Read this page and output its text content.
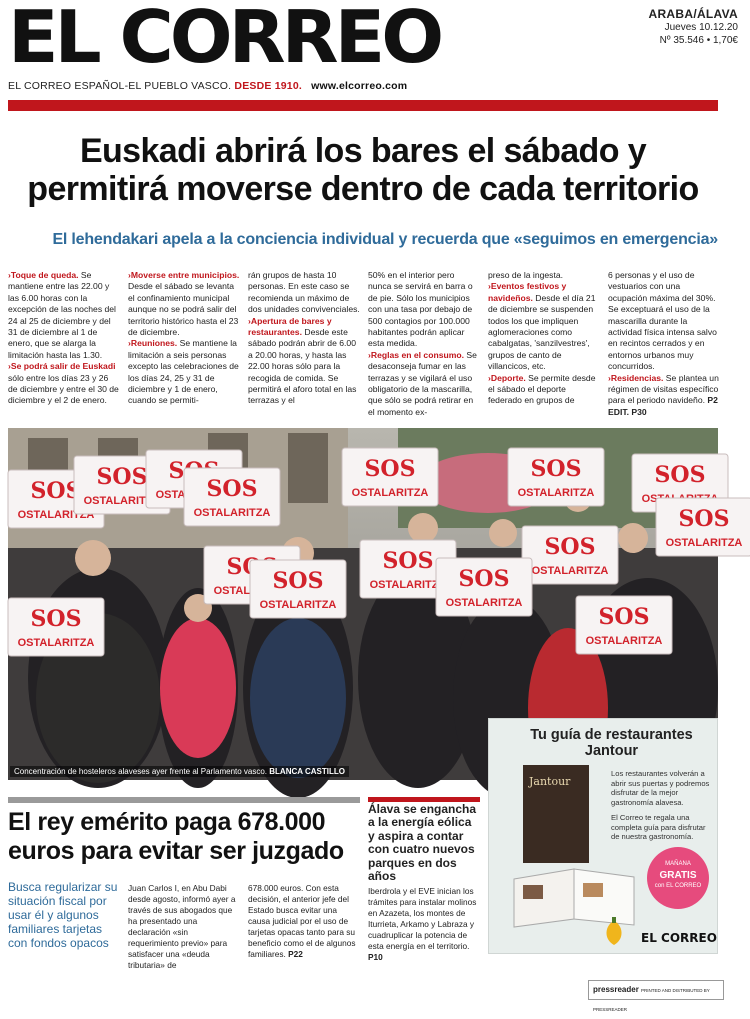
EL CORREO	ARABA/ÁLAVA
Jueves 10.12.20
Nº 35.546 • 1,70€
EL CORREO ESPAÑOL-EL PUEBLO VASCO. DESDE 1910. www.elcorreo.com
Euskadi abrirá los bares el sábado y permitirá moverse dentro de cada territorio
El lehendakari apela a la conciencia individual y recuerda que «seguimos en emergencia»
›Toque de queda. Se mantiene entre las 22.00 y las 6.00 horas con la excepción de las noches del 24 al 25 de diciembre y del 31 de diciembre al 1 de enero, que se alarga la limitación hasta las 1.30.
›Se podrá salir de Euskadi sólo entre los días 23 y 26 de diciembre y entre el 30 de diciembre y el 2 de enero.
›Moverse entre municipios. Desde el sábado se levanta el confinamiento municipal aunque no se podrá salir del territorio histórico hasta el 23 de diciembre.
›Reuniones. Se mantiene la limitación a seis personas excepto las celebraciones de los días 24, 25 y 31 de diciembre y 1 de enero, cuando se permiti-
rán grupos de hasta 10 personas. En este caso se recomienda un máximo de dos unidades convivenciales.
›Apertura de bares y restaurantes. Desde este sábado podrán abrir de 6.00 a 20.00 horas, y hasta las 22.00 horas sólo para la recogida de comida. Se permitirá el aforo total en las terrazas y el
50% en el interior pero nunca se servirá en barra o de pie. Sólo los municipios con una tasa por debajo de 500 contagios por 100.000 habitantes podrán aplicar esta medida.
›Reglas en el consumo. Se desaconseja fumar en las terrazas y se vigilará el uso obligatorio de la mascarilla, que sólo se podrá retirar en el momento ex-
preso de la ingesta.
›Eventos festivos y navideños. Desde el día 21 de diciembre se suspenden todos los que impliquen aglomeraciones como cabalgatas, 'sanzilvestres', grupos de canto de villancicos, etc.
›Deporte. Se permite desde el sábado el deporte federado en grupos de
6 personas y el uso de vestuarios con una ocupación máxima del 30%. Se exceptuará el uso de la mascarilla durante la actividad física intensa salvo en recintos cerrados y en entornos urbanos muy concurridos.
›Residencias. Se plantea un régimen de visitas específico para el periodo navideño. P2 EDIT. P30
Concentración de hosteleros alaveses ayer frente al Parlamento vasco. BLANCA CASTILLO
El rey emérito paga 678.000 euros para evitar ser juzgado
Busca regularizar su situación fiscal por usar él y algunos familiares tarjetas con fondos opacos
Juan Carlos I, en Abu Dabi desde agosto, informó ayer a través de sus abogados que ha presentado una declaración «sin requerimiento previo» para satisfacer una «deuda tributaria» de
678.000 euros. Con esta decisión, el anterior jefe del Estado busca evitar una causa judicial por el uso de tarjetas opacas tanto para su beneficio como el de algunos familiares. P22
Álava se engancha a la energía eólica y aspira a contar con cuatro nuevos parques en dos años
Iberdrola y el EVE inician los trámites para instalar molinos en Azazeta, los montes de Iturrieta, Arkamo y Labraza y cuadruplicar la potencia de esta energía en el territorio. P10
Tu guía de restaurantes Jantour
Jantour
Los restaurantes volverán a abrir sus puertas y podremos disfrutar de la mejor gastronomía alavesa.
El Correo te regala una completa guía para disfrutar de nuestra gastronomía.
MAÑANA
GRATIS
con EL CORREO
EL CORREO
pressreader PRINTED AND DISTRIBUTED BY PRESSREADER
